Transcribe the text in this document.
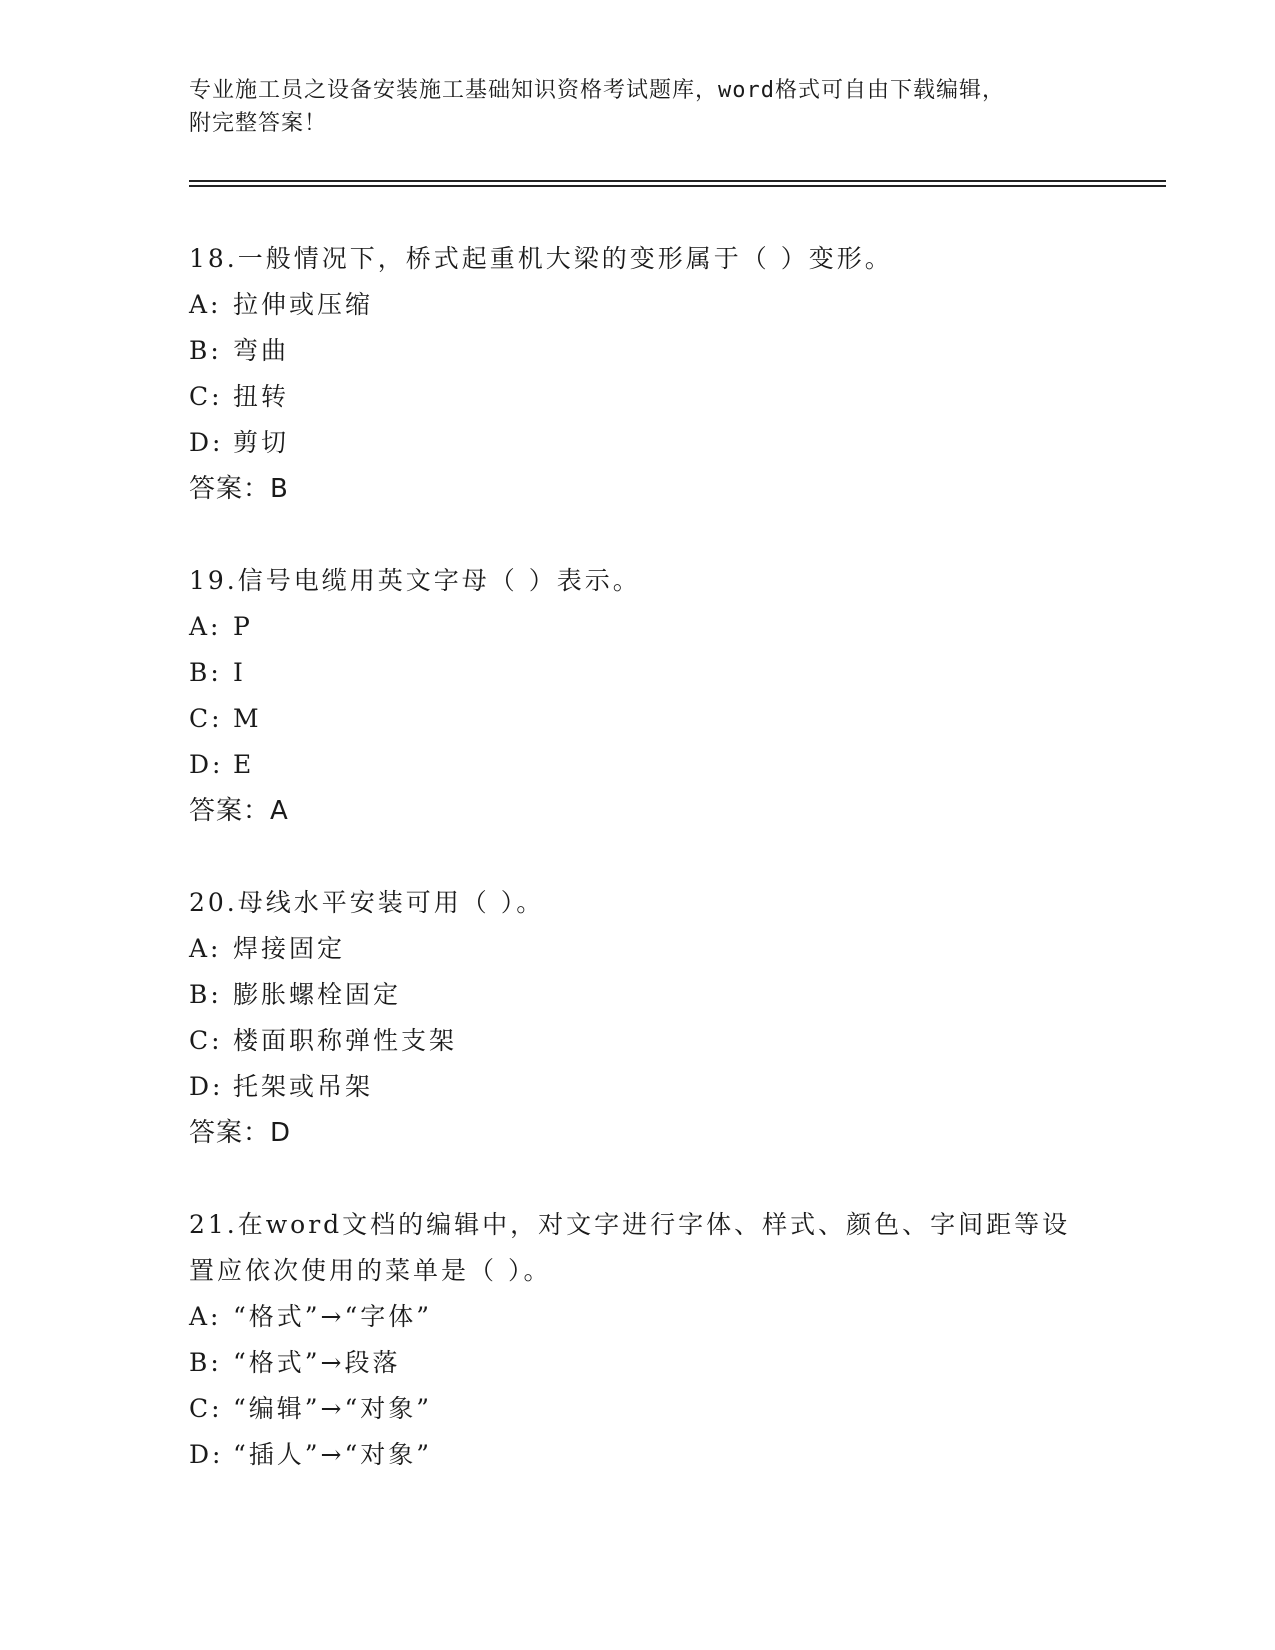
专业施工员之设备安装施工基础知识资格考试题库，word格式可自由下载编辑，
附完整答案！

18.一般情况下，桥式起重机大梁的变形属于（ ）变形。

A: 拉伸或压缩

B: 弯曲

C: 扭转

D: 剪切

答案：B

19.信号电缆用英文字母（ ）表示。

A: P

B: I

C: M

D: E

答案：A

20.母线水平安装可用（ ）。

A: 焊接固定

B: 膨胀螺栓固定

C: 楼面职称弹性支架

D: 托架或吊架

答案：D

21.在word文档的编辑中，对文字进行字体、样式、颜色、字间距等设置应依次使用的菜单是（ ）。

A: “格式”→“字体”

B: “格式”→段落

C: “编辑”→“对象”

D: “插人”→“对象”
